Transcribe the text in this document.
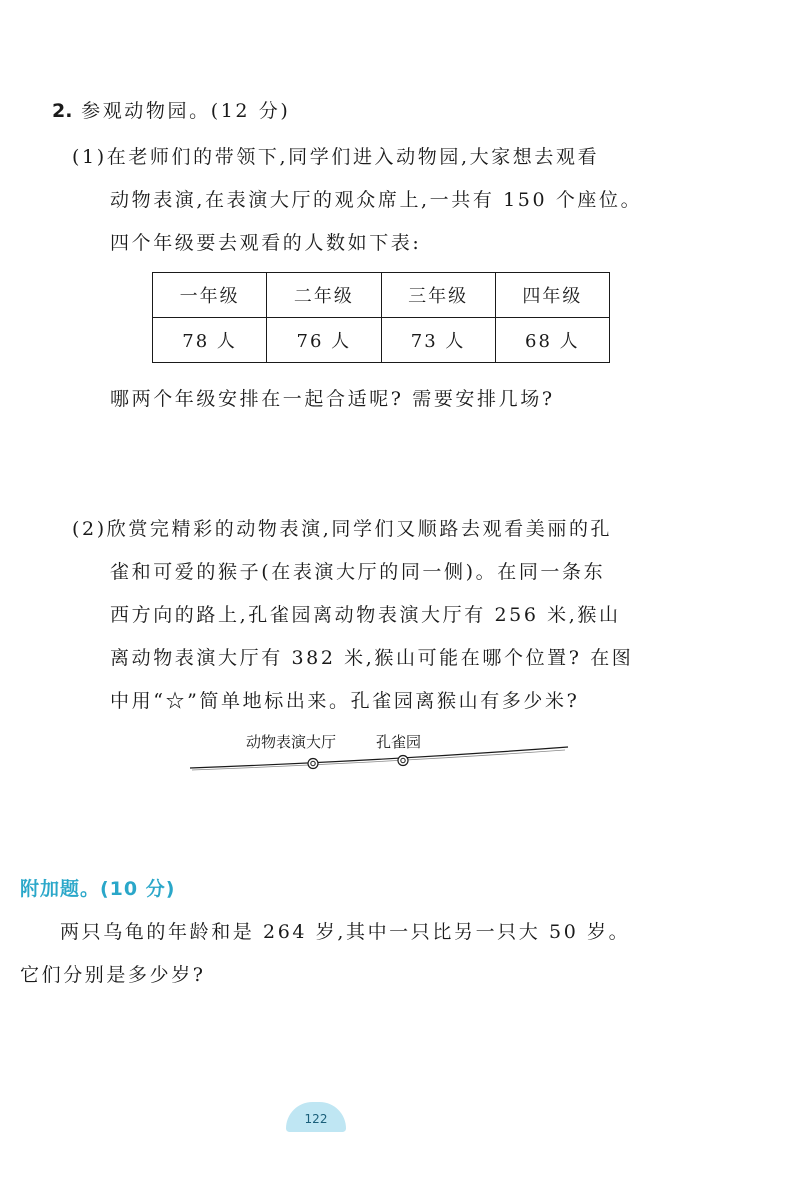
2. 参观动物园。(12 分)
(1)在老师们的带领下,同学们进入动物园,大家想去观看
动物表演,在表演大厅的观众席上,一共有 150 个座位。
四个年级要去观看的人数如下表:
一年级	二年级	三年级	四年级
78 人	76 人	73 人	68 人
哪两个年级安排在一起合适呢? 需要安排几场?
(2)欣赏完精彩的动物表演,同学们又顺路去观看美丽的孔
雀和可爱的猴子(在表演大厅的同一侧)。在同一条东
西方向的路上,孔雀园离动物表演大厅有 256 米,猴山
离动物表演大厅有 382 米,猴山可能在哪个位置? 在图
中用“☆”简单地标出来。孔雀园离猴山有多少米?
动物表演大厅	孔雀园
附加题。(10 分)
两只乌龟的年龄和是 264 岁,其中一只比另一只大 50 岁。
它们分别是多少岁?
122
